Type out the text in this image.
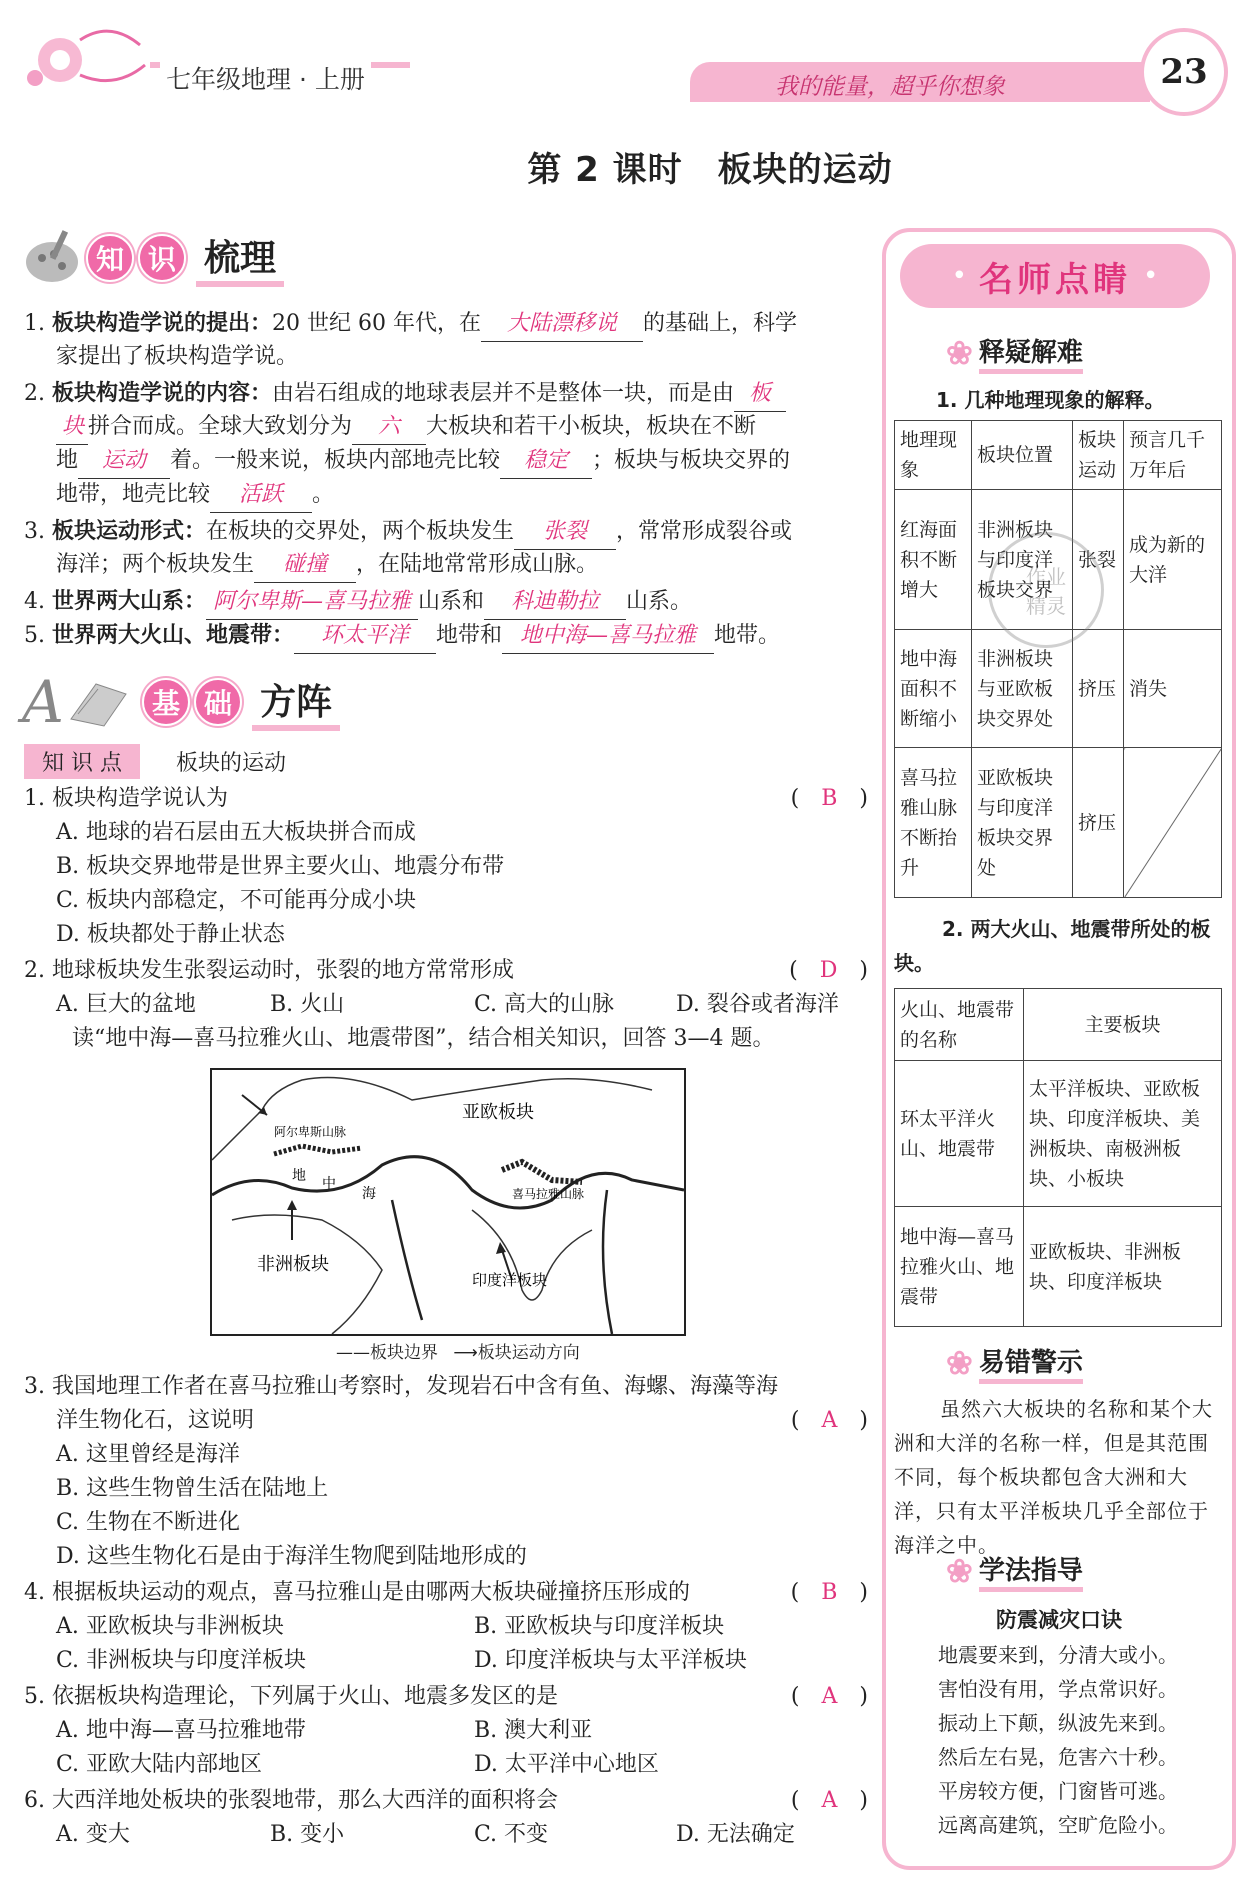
七年级地理 · 上册	我的能量，超乎你想象	23
第 2 课时　板块的运动
知 识 梳理
1. 板块构造学说的提出：20 世纪 60 年代，在 大陆漂移说 的基础上，科学
家提出了板块构造学说。
2. 板块构造学说的内容：由岩石组成的地球表层并不是整体一块，而是由 板
块 拼合而成。全球大致划分为 六 大板块和若干小板块，板块在不断
地 运动 着。一般来说，板块内部地壳比较 稳定 ；板块与板块交界的
地带，地壳比较 活跃 。
3. 板块运动形式：在板块的交界处，两个板块发生 张裂 ，常常形成裂谷或
海洋；两个板块发生 碰撞 ，在陆地常常形成山脉。
4. 世界两大山系： 阿尔卑斯—喜马拉雅 山系和 科迪勒拉 山系。
5. 世界两大火山、地震带： 环太平洋 地带和 地中海—喜马拉雅 地带。
A	基 础 方阵
知 识 点	板块的运动
1. 板块构造学说认为	(　B　)
A. 地球的岩石层由五大板块拼合而成
B. 板块交界地带是世界主要火山、地震分布带
C. 板块内部稳定，不可能再分成小块
D. 板块都处于静止状态
2. 地球板块发生张裂运动时，张裂的地方常常形成	(　D　)
A. 巨大的盆地	B. 火山	C. 高大的山脉	D. 裂谷或者海洋
读“地中海—喜马拉雅火山、地震带图”，结合相关知识，回答 3—4 题。
亚欧板块
阿尔卑斯山脉
地 中
海	喜马拉雅山脉
非洲板块
印度洋板块
——板块边界 ⟶板块运动方向
3. 我国地理工作者在喜马拉雅山考察时，发现岩石中含有鱼、海螺、海藻等海
洋生物化石，这说明	(　A　)
A. 这里曾经是海洋
B. 这些生物曾生活在陆地上
C. 生物在不断进化
D. 这些生物化石是由于海洋生物爬到陆地形成的
4. 根据板块运动的观点，喜马拉雅山是由哪两大板块碰撞挤压形成的	(　B　)
A. 亚欧板块与非洲板块	B. 亚欧板块与印度洋板块
C. 非洲板块与印度洋板块	D. 印度洋板块与太平洋板块
5. 依据板块构造理论，下列属于火山、地震多发区的是	(　A　)
A. 地中海—喜马拉雅地带	B. 澳大利亚
C. 亚欧大陆内部地区	D. 太平洋中心地区
6. 大西洋地处板块的张裂地带，那么大西洋的面积将会	(　A　)
A. 变大	B. 变小	C. 不变	D. 无法确定
• 名师点睛 •
❀ 释疑解难
1. 几种地理现象的解释。
地理现象	板块位置	板块运动	预言几千万年后
红海面积不断增大	非洲板块与印度洋板块交界	张裂	成为新的大洋
地中海面积不断缩小	非洲板块与亚欧板块交界处	挤压	消失
喜马拉雅山脉不断抬升	亚欧板块与印度洋板块交界处	挤压	
2. 两大火山、地震带所处的板块。
火山、地震带的名称	主要板块
环太平洋火山、地震带	太平洋板块、亚欧板块、印度洋板块、美洲板块、南极洲板块、小板块
地中海—喜马拉雅火山、地震带	亚欧板块、非洲板块、印度洋板块
❀ 易错警示
虽然六大板块的名称和某个大洲和大洋的名称一样，但是其范围不同，每个板块都包含大洲和大洋，只有太平洋板块几乎全部位于海洋之中。
❀ 学法指导
防震减灾口诀
地震要来到，分清大或小。
害怕没有用，学点常识好。
振动上下颠，纵波先来到。
然后左右晃，危害六十秒。
平房较方便，门窗皆可逃。
远离高建筑，空旷危险小。
作业
精灵
